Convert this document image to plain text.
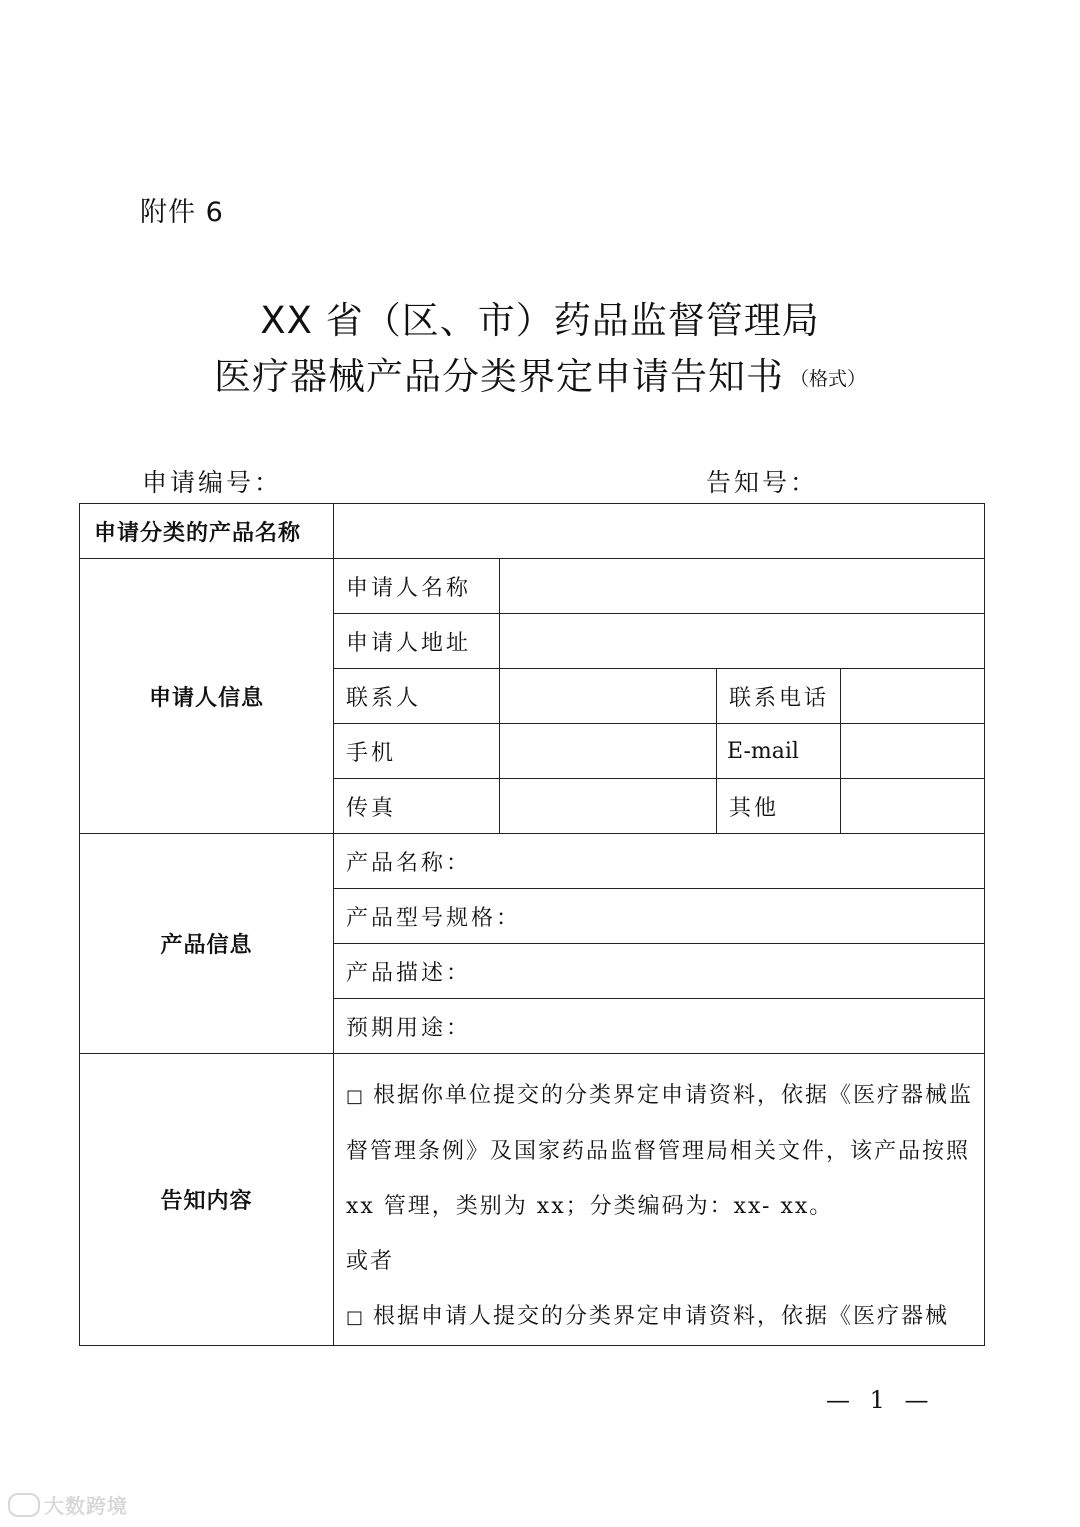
附件 6
XX 省（区、市）药品监督管理局
医疗器械产品分类界定申请告知书 （格式）
申请编号：	告知号：
申请分类的产品名称				
申请人信息	申请人名称			
	申请人地址			
	联系人		联系电话	
	手机		E-mail	
	传真		其他	
产品信息	产品名称：			
	产品型号规格：			
	产品描述：			
	预期用途：			
告知内容	□ 根据你单位提交的分类界定申请资料，依据《医疗器械监督管理条例》及国家药品监督管理局相关文件，该产品按照 xx 管理，类别为 xx；分类编码为：xx- xx。

或者

□ 根据申请人提交的分类界定申请资料，依据《医疗器械			

— 1 —
大数跨境
